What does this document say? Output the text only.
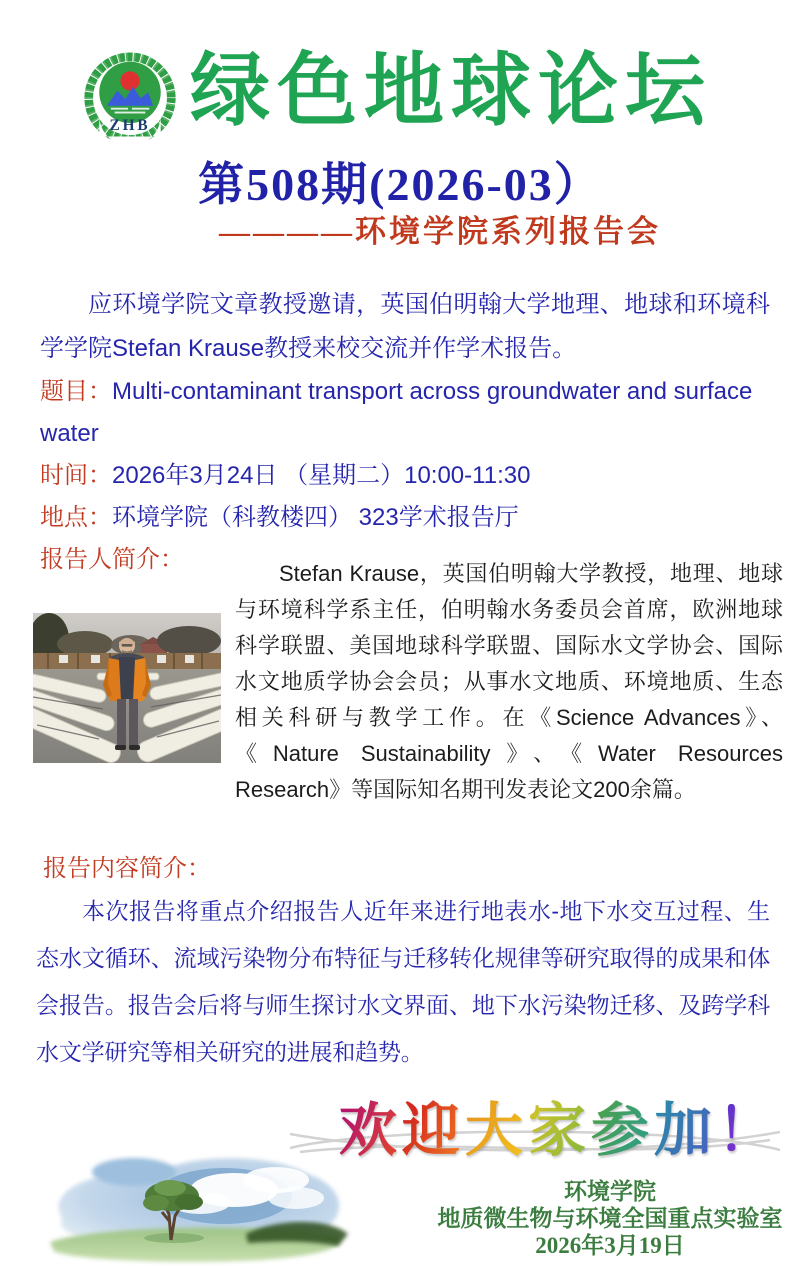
ZHB 绿色地球论坛
第508期(2026-03）
————环境学院系列报告会

应环境学院文章教授邀请，英国伯明翰大学地理、地球和环境科学学院Stefan Krause教授来校交流并作学术报告。

题目：Multi-contaminant transport across groundwater and surface water

时间：2026年3月24日 （星期二）10:00-11:30

地点：环境学院（科教楼四） 323学术报告厅

报告人简介：

Stefan Krause，英国伯明翰大学教授，地理、地球与环境科学系主任，伯明翰水务委员会首席，欧洲地球科学联盟、美国地球科学联盟、国际水文学协会、国际水文地质学协会会员；从事水文地质、环境地质、生态相关科研与教学工作。在《Science Advances》、《Nature Sustainability》、《Water Resources Research》等国际知名期刊发表论文200余篇。

报告内容简介：

本次报告将重点介绍报告人近年来进行地表水-地下水交互过程、生态水文循环、流域污染物分布特征与迁移转化规律等研究取得的成果和体会报告。报告会后将与师生探讨水文界面、地下水污染物迁移、及跨学科水文学研究等相关研究的进展和趋势。

欢迎大家参加！
环境学院
地质微生物与环境全国重点实验室
2026年3月19日
